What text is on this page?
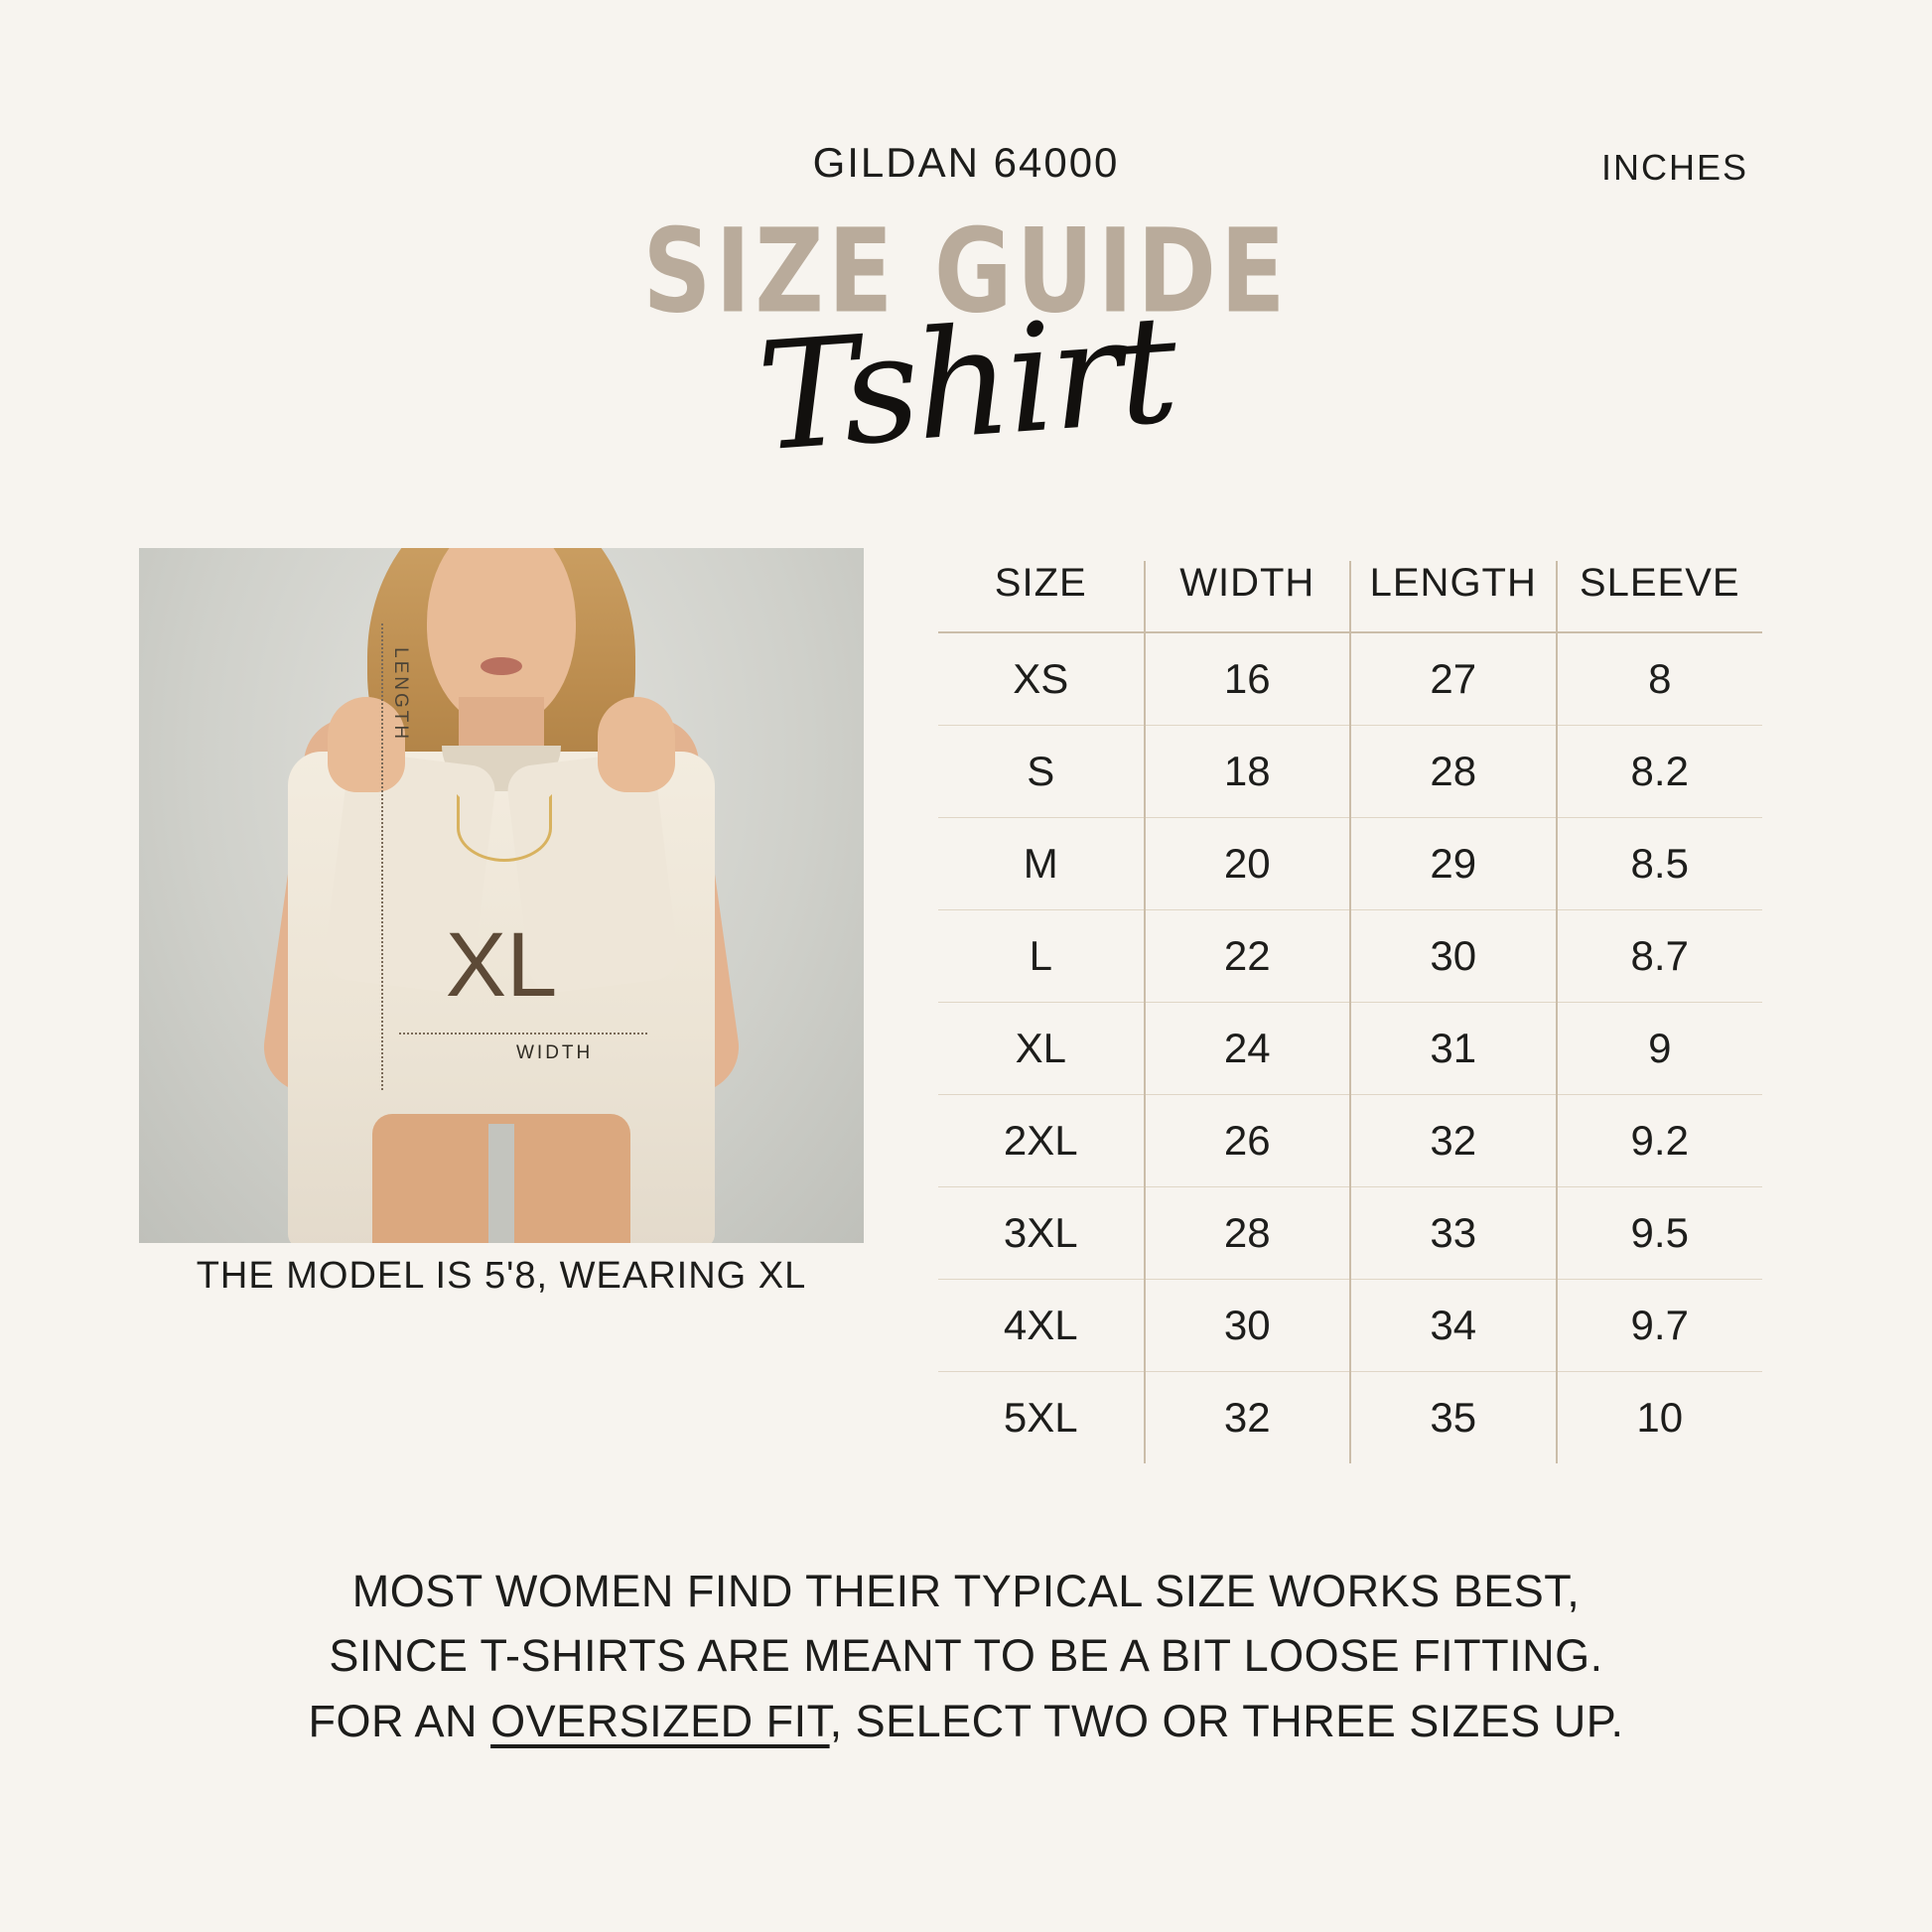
GILDAN 64000	INCHES
SIZE GUIDE
Tshirt
LENGTH
WIDTH
XL
THE MODEL IS 5'8, WEARING XL
SIZE	WIDTH	LENGTH	SLEEVE
XS	16	27	8
S	18	28	8.2
M	20	29	8.5
L	22	30	8.7
XL	24	31	9
2XL	26	32	9.2
3XL	28	33	9.5
4XL	30	34	9.7
5XL	32	35	10
MOST WOMEN FIND THEIR TYPICAL SIZE WORKS BEST,
SINCE T-SHIRTS ARE MEANT TO BE A BIT LOOSE FITTING.
FOR AN OVERSIZED FIT, SELECT TWO OR THREE SIZES UP.
